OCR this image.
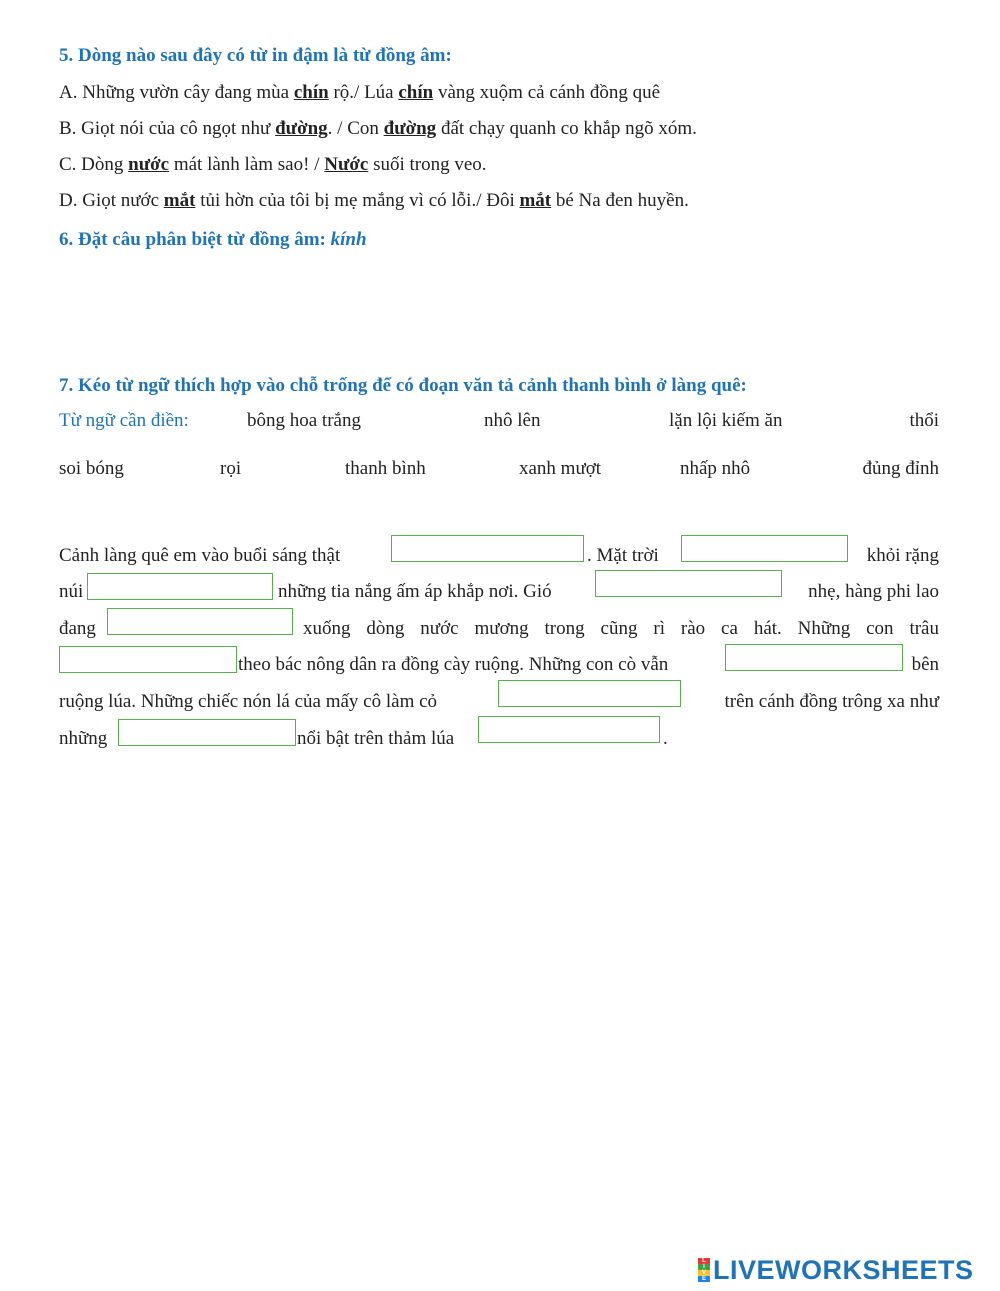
5. Dòng nào sau đây có từ in đậm là từ đồng âm:
A. Những vườn cây đang mùa chín rộ./ Lúa chín vàng xuộm cả cánh đồng quê
B. Giọt nói của cô ngọt như đường. / Con đường đất chạy quanh co khắp ngõ xóm.
C. Dòng nước mát lành làm sao! / Nước suối trong veo.
D. Giọt nước mắt tủi hờn của tôi bị mẹ mắng vì có lỗi./ Đôi mắt bé Na đen huyền.
6. Đặt câu phân biệt từ đồng âm: kính
7. Kéo từ ngữ thích hợp vào chỗ trống để có đoạn văn tả cảnh thanh bình ở làng quê:
Từ ngữ cần điền:	bông hoa trắng	nhô lên	lặn lội kiếm ăn	thổi
soi bóng	rọi	thanh bình	xanh mượt	nhấp nhô	đủng đỉnh
Cảnh làng quê em vào buổi sáng thật	. Mặt trời	khỏi rặng
núi	những tia nắng ấm áp khắp nơi. Gió	nhẹ, hàng phi lao
đang	xuống dòng nước mương trong cũng rì rào ca hát. Những con trâu
theo bác nông dân ra đồng cày ruộng. Những con cò vẫn	bên
ruộng lúa. Những chiếc nón lá của mấy cô làm cỏ	trên cánh đồng trông xa như
những	nổi bật trên thảm lúa	.
L
I
V
E LIVEWORKSHEETS
